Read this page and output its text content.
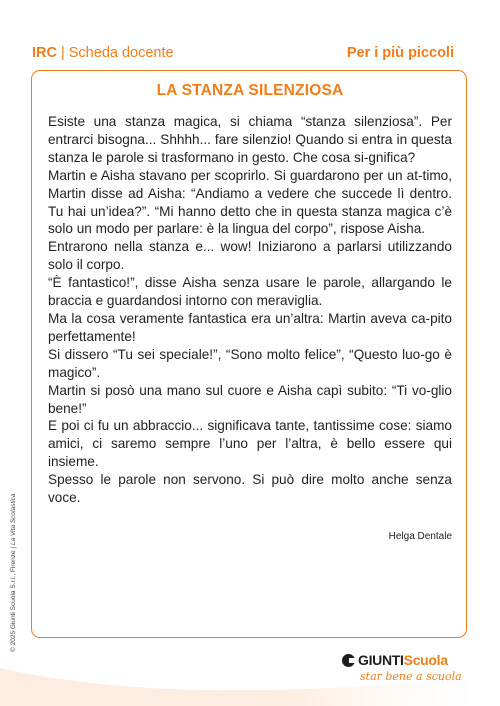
IRC | Scheda docente	Per i più piccoli
LA STANZA SILENZIOSA

Esiste una stanza magica, si chiama “stanza silenziosa”. Per entrarci bisogna... Shhhh... fare silenzio! Quando si entra in questa stanza le parole si trasformano in gesto. Che cosa si-gnifica?

Martin e Aisha stavano per scoprirlo. Si guardarono per un at-timo, Martin disse ad Aisha: “Andiamo a vedere che succede lì dentro. Tu hai un’idea?”. “Mi hanno detto che in questa stanza magica c’è solo un modo per parlare: è la lingua del corpo”, rispose Aisha.

Entrarono nella stanza e... wow! Iniziarono a parlarsi utilizzando solo il corpo.

“È fantastico!”, disse Aisha senza usare le parole, allargando le braccia e guardandosi intorno con meraviglia.

Ma la cosa veramente fantastica era un’altra: Martin aveva ca-pito perfettamente!

Si dissero “Tu sei speciale!”, “Sono molto felice”, “Questo luo-go è magico”.

Martin si posò una mano sul cuore e Aisha capì subito: “Ti vo-glio bene!”

E poi ci fu un abbraccio... significava tante, tantissime cose: siamo amici, ci saremo sempre l’uno per l’altra, è bello essere qui insieme.

Spesso le parole non servono. Si può dire molto anche senza voce.

Helga Dentale
© 2025 Giunti Scuola S.r.l., Firenze | La Vita Scolastica
GIUNTI Scuola
star bene a scuola
